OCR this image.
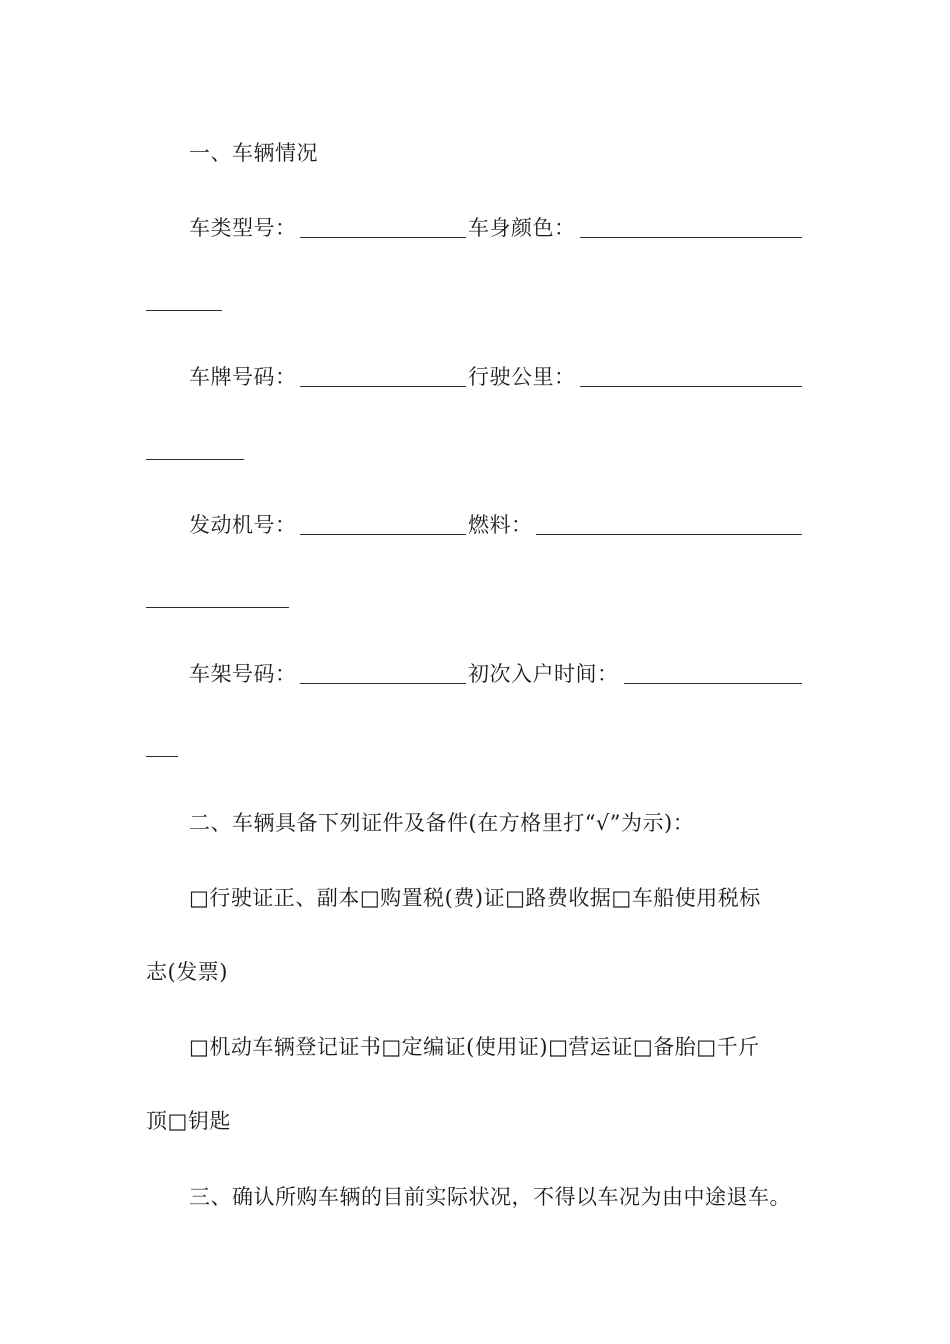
一、车辆情况
车类型号：	车身颜色：
车牌号码：	行驶公里：
发动机号：	燃料：
车架号码：	初次入户时间：
二、车辆具备下列证件及备件(在方格里打“√”为示)：
□行驶证正、副本□购置税(费)证□路费收据□车船使用税标
志(发票)
□机动车辆登记证书□定编证(使用证)□营运证□备胎□千斤
顶□钥匙
三、确认所购车辆的目前实际状况，不得以车况为由中途退车。
